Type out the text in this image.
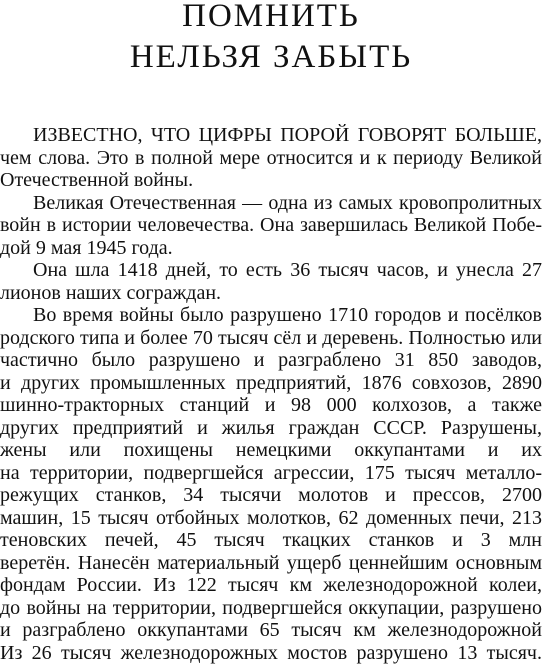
ПОМНИТЬ
НЕЛЬЗЯ ЗАБЫТЬ
ИЗВЕСТНО, ЧТО ЦИФРЫ ПОРОЙ ГОВОРЯТ БОЛЬШЕ,
чем слова. Это в полной мере относится и к периоду Великой
Отечественной войны.
Великая Отечественная — одна из самых кровопролитных
войн в истории человечества. Она завершилась Великой Побе-
дой 9 мая 1945 года.
Она шла 1418 дней, то есть 36 тысяч часов, и унесла 27
лионов наших сограждан.
Во время войны было разрушено 1710 городов и посёлков
родского типа и более 70 тысяч сёл и деревень. Полностью или
частично было разрушено и разграблено 31 850 заводов,
и других промышленных предприятий, 1876 совхозов, 2890
шинно-тракторных станций и 98 000 колхозов, а также
других предприятий и жилья граждан СССР. Разрушены,
жены или похищены немецкими оккупантами и их
на территории, подвергшейся агрессии, 175 тысяч металло-
режущих станков, 34 тысячи молотов и прессов, 2700
машин, 15 тысяч отбойных молотков, 62 доменных печи, 213
теновских печей, 45 тысяч ткацких станков и 3 млн
веретён. Нанесён материальный ущерб ценнейшим основным
фондам России. Из 122 тысяч км железнодорожной колеи,
до войны на территории, подвергшейся оккупации, разрушено
и разграблено оккупантами 65 тысяч км железнодорожной
Из 26 тысяч железнодорожных мостов разрушено 13 тысяч.
